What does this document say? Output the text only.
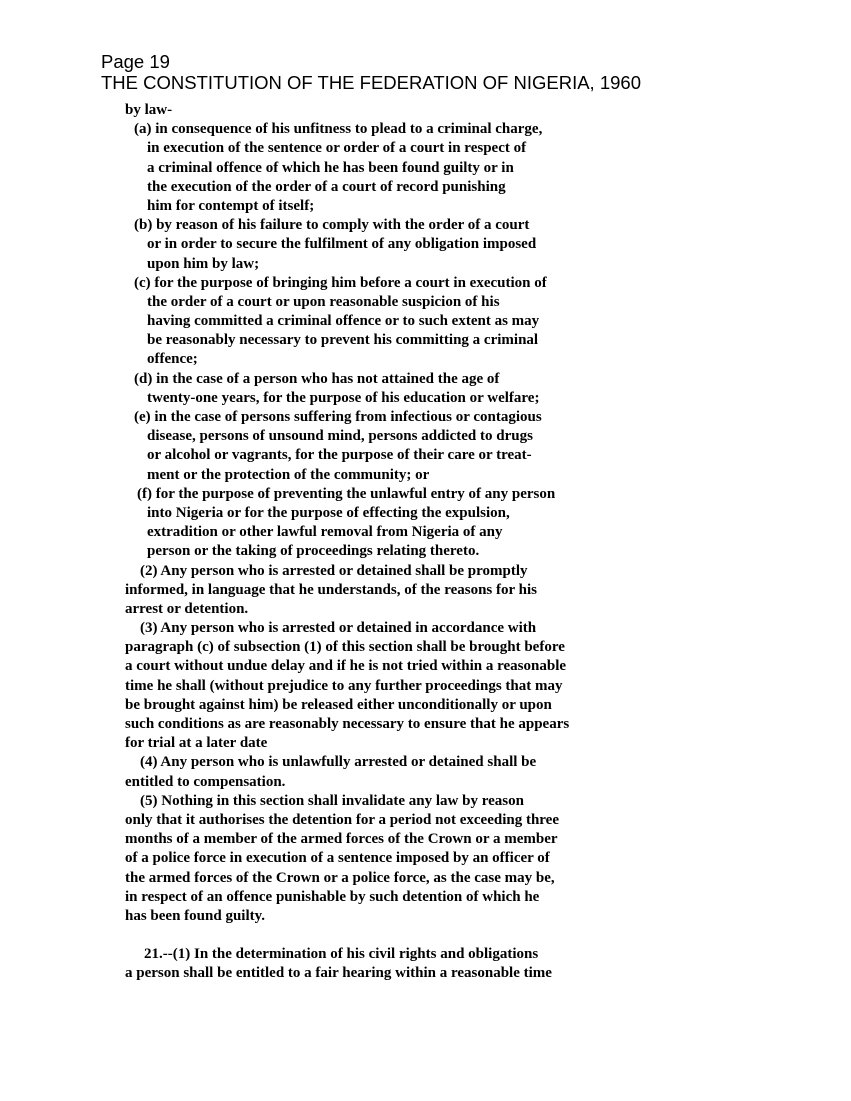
Page 19
THE CONSTITUTION OF THE FEDERATION OF NIGERIA, 1960
by law-
(a) in consequence of his unfitness to plead to a criminal charge,
in execution of the sentence or order of a court in respect of
a criminal offence of which he has been found guilty or in
the execution of the order of a court of record punishing
him for contempt of itself;
(b) by reason of his failure to comply with the order of a court
or in order to secure the fulfilment of any obligation imposed
upon him by law;
(c) for the purpose of bringing him before a court in execution of
the order of a court or upon reasonable suspicion of his
having committed a criminal offence or to such extent as may
be reasonably necessary to prevent his committing a criminal
offence;
(d) in the case of a person who has not attained the age of
twenty-one years, for the purpose of his education or welfare;
(e) in the case of persons suffering from infectious or contagious
disease, persons of unsound mind, persons addicted to drugs
or alcohol or vagrants, for the purpose of their care or treat-
ment or the protection of the community; or
(f) for the purpose of preventing the unlawful entry of any person
into Nigeria or for the purpose of effecting the expulsion,
extradition or other lawful removal from Nigeria of any
person or the taking of proceedings relating thereto.
(2) Any person who is arrested or detained shall be promptly
informed, in language that he understands, of the reasons for his
arrest or detention.
(3) Any person who is arrested or detained in accordance with
paragraph (c) of subsection (1) of this section shall be brought before
a court without undue delay and if he is not tried within a reasonable
time he shall (without prejudice to any further proceedings that may
be brought against him) be released either unconditionally or upon
such conditions as are reasonably necessary to ensure that he appears
for trial at a later date
(4) Any person who is unlawfully arrested or detained shall be
entitled to compensation.
(5) Nothing in this section shall invalidate any law by reason
only that it authorises the detention for a period not exceeding three
months of a member of the armed forces of the Crown or a member
of a police force in execution of a sentence imposed by an officer of
the armed forces of the Crown or a police force, as the case may be,
in respect of an offence punishable by such detention of which he
has been found guilty.
21.--(1) In the determination of his civil rights and obligations
a person shall be entitled to a fair hearing within a reasonable time
